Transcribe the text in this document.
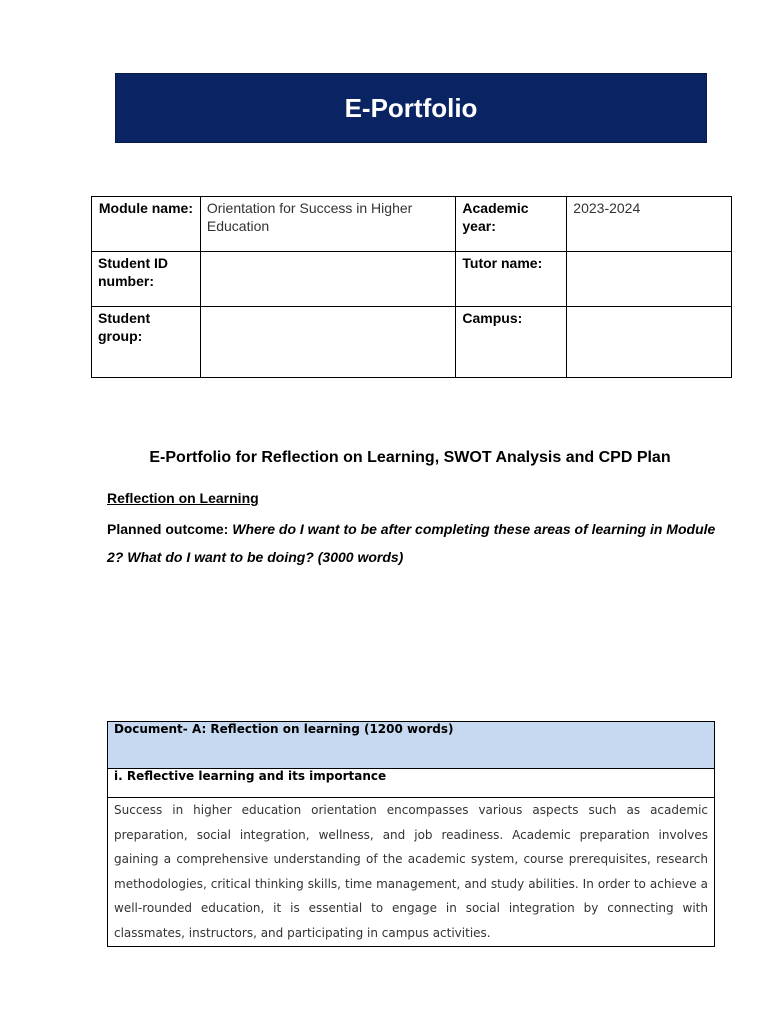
E-Portfolio
Module name:	Orientation for Success in Higher Education	Academic year:	2023-2024
Student ID number:		Tutor name:	
Student group:		Campus:	
E-Portfolio for Reflection on Learning, SWOT Analysis and CPD Plan
Reflection on Learning
Planned outcome: Where do I want to be after completing these areas of learning in Module 2? What do I want to be doing? (3000 words)
Document- A: Reflection on learning (1200 words)
i. Reflective learning and its importance
Success in higher education orientation encompasses various aspects such as academic preparation, social integration, wellness, and job readiness. Academic preparation involves gaining a comprehensive understanding of the academic system, course prerequisites, research methodologies, critical thinking skills, time management, and study abilities. In order to achieve a well-rounded education, it is essential to engage in social integration by connecting with classmates, instructors, and participating in campus activities.
